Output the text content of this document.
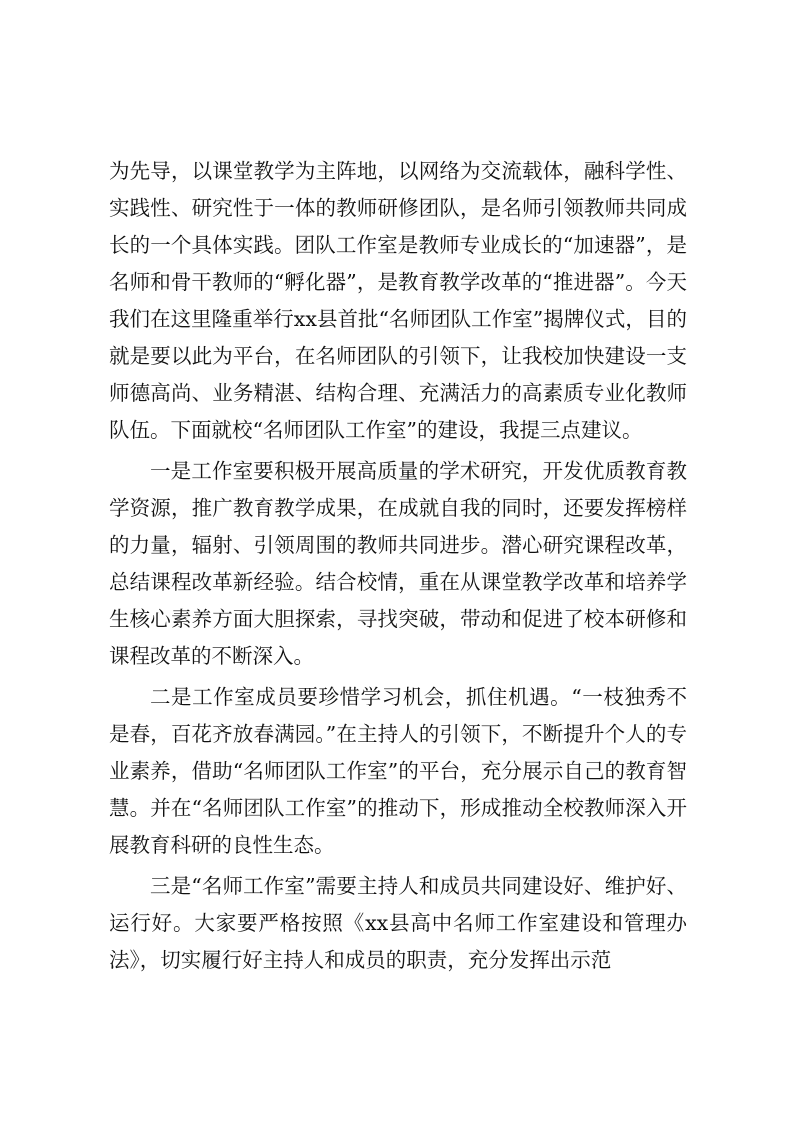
为先导，以课堂教学为主阵地，以网络为交流载体，融科学性、实践性、研究性于一体的教师研修团队，是名师引领教师共同成长的一个具体实践。团队工作室是教师专业成长的“加速器”，是名师和骨干教师的“孵化器”，是教育教学改革的“推进器”。今天我们在这里隆重举行xx县首批“名师团队工作室”揭牌仪式，目的就是要以此为平台，在名师团队的引领下，让我校加快建设一支师德高尚、业务精湛、结构合理、充满活力的高素质专业化教师队伍。下面就校“名师团队工作室”的建设，我提三点建议。

一是工作室要积极开展高质量的学术研究，开发优质教育教学资源，推广教育教学成果，在成就自我的同时，还要发挥榜样的力量，辐射、引领周围的教师共同进步。潜心研究课程改革，总结课程改革新经验。结合校情，重在从课堂教学改革和培养学生核心素养方面大胆探索，寻找突破，带动和促进了校本研修和课程改革的不断深入。

二是工作室成员要珍惜学习机会，抓住机遇。“一枝独秀不是春，百花齐放春满园。”在主持人的引领下，不断提升个人的专业素养，借助“名师团队工作室”的平台，充分展示自己的教育智慧。并在“名师团队工作室”的推动下，形成推动全校教师深入开展教育科研的良性生态。

三是“名师工作室”需要主持人和成员共同建设好、维护好、运行好。大家要严格按照《xx县高中名师工作室建设和管理办法》，切实履行好主持人和成员的职责，充分发挥出示范
